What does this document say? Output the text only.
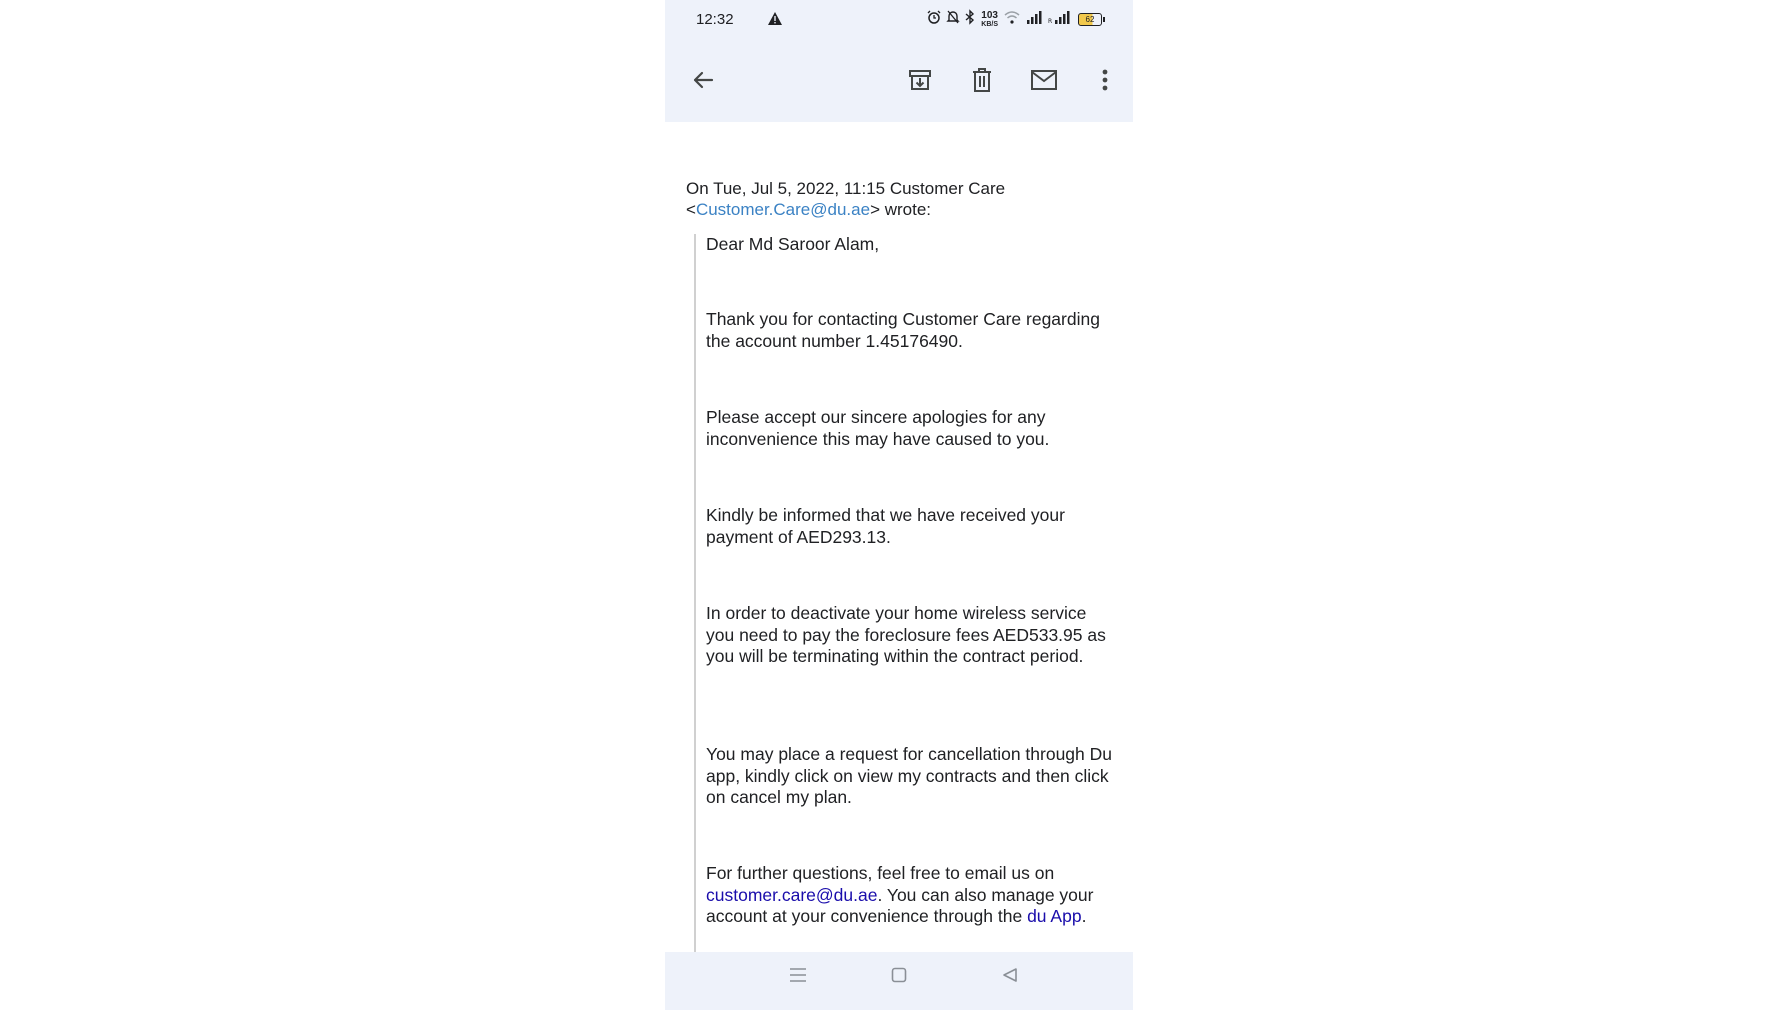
12:32	103
KB/S	R	62
On Tue, Jul 5, 2022, 11:15 Customer Care
<Customer.Care@du.ae> wrote:
Dear Md Saroor Alam,
Thank you for contacting Customer Care regarding the account number 1.45176490.
Please accept our sincere apologies for any inconvenience this may have caused to you.
Kindly be informed that we have received your payment of AED293.13.
In order to deactivate your home wireless service you need to pay the foreclosure fees AED533.95 as you will be terminating within the contract period.
You may place a request for cancellation through Du app, kindly click on view my contracts and then click on cancel my plan.
For further questions, feel free to email us on customer.care@du.ae. You can also manage your account at your convenience through the du App.
